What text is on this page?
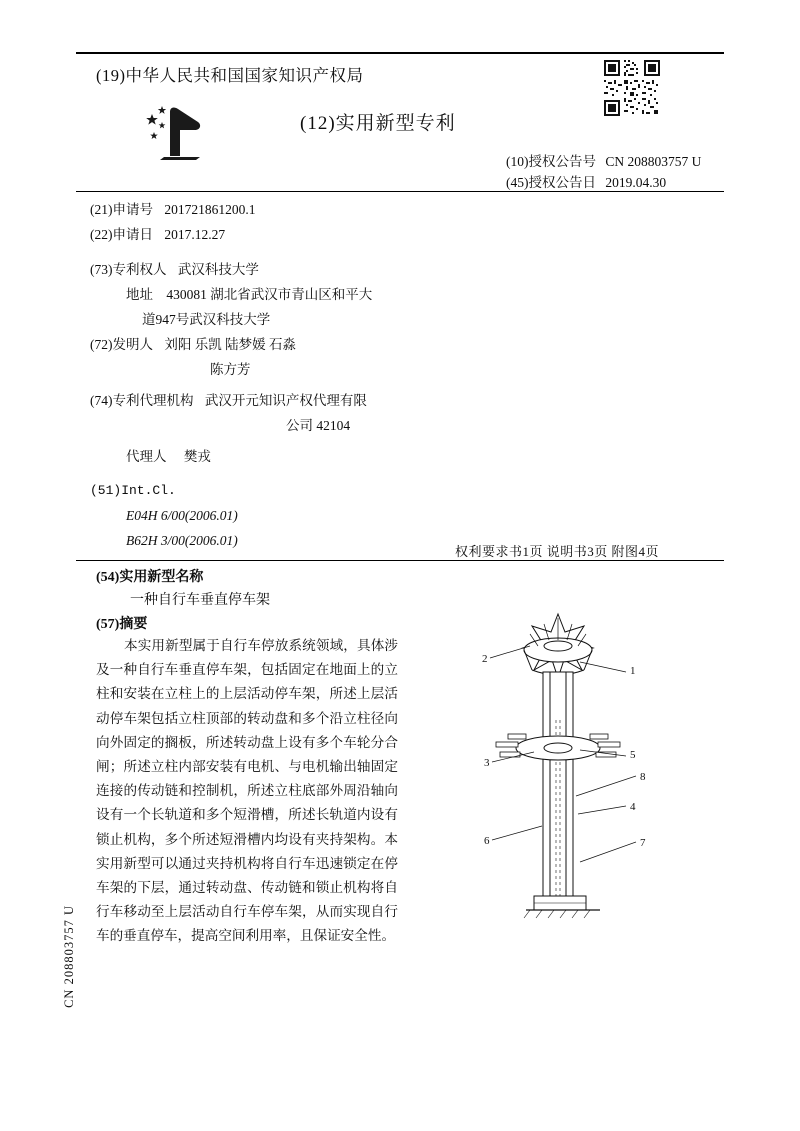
(19)中华人民共和国国家知识产权局
(12)实用新型专利
(10)授权公告号 CN 208803757 U
(45)授权公告日 2019.04.30
(21)申请号 201721861200.1
(22)申请日 2017.12.27
(73)专利权人 武汉科技大学
地址 430081 湖北省武汉市青山区和平大
道947号武汉科技大学
(72)发明人 刘阳 乐凯 陆梦媛 石淼
陈方芳
(74)专利代理机构 武汉开元知识产权代理有限
公司 42104
代理人 樊戎
(51)Int.Cl.
E04H 6/00(2006.01)
B62H 3/00(2006.01)
权利要求书1页 说明书3页 附图4页
(54)实用新型名称
一种自行车垂直停车架
(57)摘要

本实用新型属于自行车停放系统领域，具体涉及一种自行车垂直停车架，包括固定在地面上的立柱和安装在立柱上的上层活动停车架，所述上层活动停车架包括立柱顶部的转动盘和多个沿立柱径向向外固定的搁板，所述转动盘上设有多个车轮分合闸；所述立柱内部安装有电机、与电机输出轴固定连接的传动链和控制机，所述立柱底部外周沿轴向设有一个长轨道和多个短滑槽，所述长轨道内设有锁止机构，多个所述短滑槽内均设有夹持架构。本实用新型可以通过夹持机构将自行车迅速锁定在停车架的下层，通过转动盘、传动链和锁止机构将自行车移动至上层活动自行车停车架，从而实现自行车的垂直停车，提高空间利用率，且保证安全性。

2
1
3
5
8
6	7
4
CN 208803757 U
